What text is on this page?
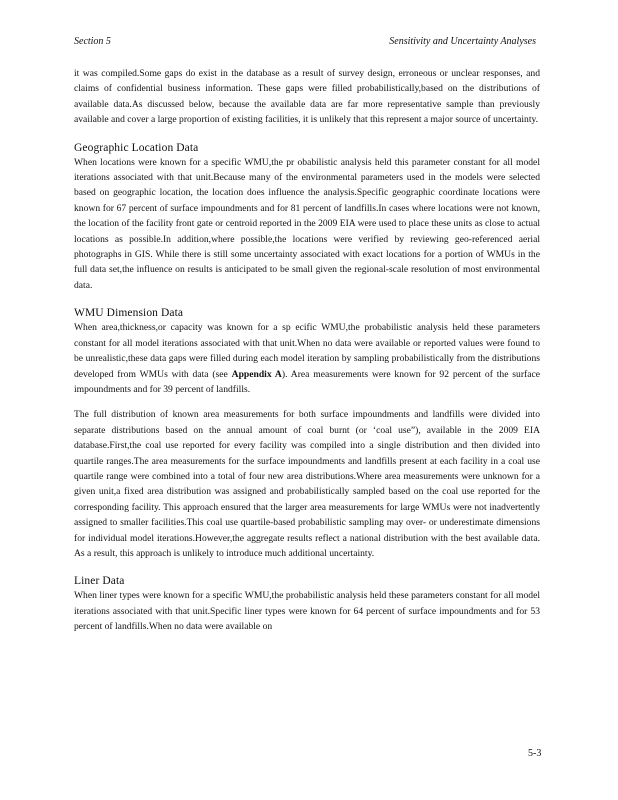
Section 5	Sensitivity and Uncertainty Analyses

it was compiled.Some gaps do exist in the database as a result of survey design, erroneous or unclear responses, and claims of confidential business information. These gaps were filled probabilistically,based on the distributions of available data.As discussed below, because the available data are far more representative sample than previously available and cover a large proportion of existing facilities, it is unlikely that this represent a major source of uncertainty.

Geographic Location Data

When locations were known for a specific WMU,the pr obabilistic analysis held this parameter constant for all model iterations associated with that unit.Because many of the environmental parameters used in the models were selected based on geographic location, the location does influence the analysis.Specific geographic coordinate locations were known for 67 percent of surface impoundments and for 81 percent of landfills.In cases where locations were not known, the location of the facility front gate or centroid reported in the 2009 EIA were used to place these units as close to actual locations as possible.In addition,where possible,the locations were verified by reviewing geo-referenced aerial photographs in GIS. While there is still some uncertainty associated with exact locations for a portion of WMUs in the full data set,the influence on results is anticipated to be small given the regional-scale resolution of most environmental data.

WMU Dimension Data

When area,thickness,or capacity was known for a sp ecific WMU,the probabilistic analysis held these parameters constant for all model iterations associated with that unit.When no data were available or reported values were found to be unrealistic,these data gaps were filled during each model iteration by sampling probabilistically from the distributions developed from WMUs with data (see Appendix A). Area measurements were known for 92 percent of the surface impoundments and for 39 percent of landfills.

The full distribution of known area measurements for both surface impoundments and landfills were divided into separate distributions based on the annual amount of coal burnt (or ‘coal use”), available in the 2009 EIA database.First,the coal use reported for every facility was compiled into a single distribution and then divided into quartile ranges.The area measurements for the surface impoundments and landfills present at each facility in a coal use quartile range were combined into a total of four new area distributions.Where area measurements were unknown for a given unit,a fixed area distribution was assigned and probabilistically sampled based on the coal use reported for the corresponding facility. This approach ensured that the larger area measurements for large WMUs were not inadvertently assigned to smaller facilities.This coal use quartile-based probabilistic sampling may over- or underestimate dimensions for individual model iterations.However,the aggregate results reflect a national distribution with the best available data. As a result, this approach is unlikely to introduce much additional uncertainty.

Liner Data

When liner types were known for a specific WMU,the probabilistic analysis held these parameters constant for all model iterations associated with that unit.Specific liner types were known for 64 percent of surface impoundments and for 53 percent of landfills.When no data were available on

5-3
